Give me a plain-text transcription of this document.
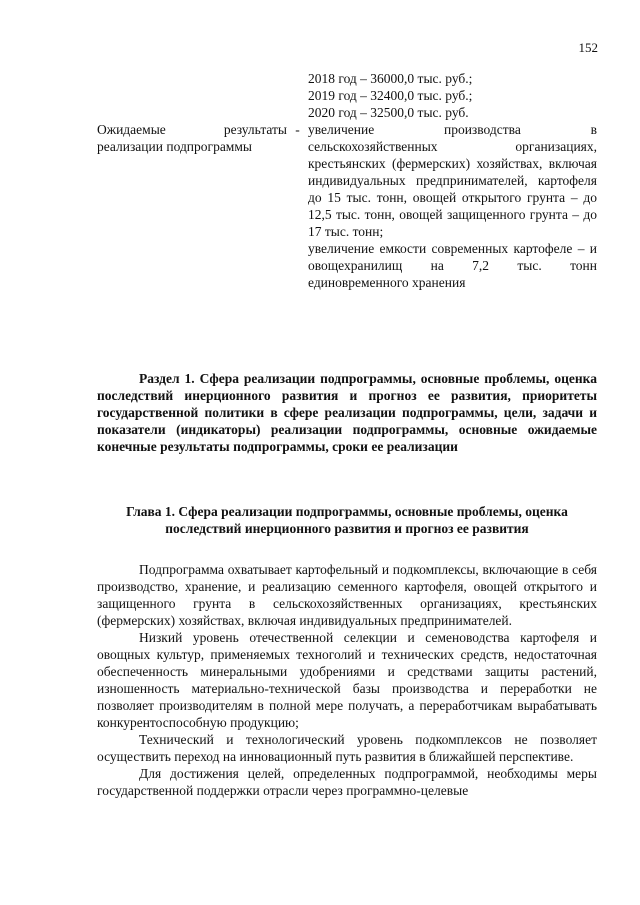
152
2018 год – 36000,0 тыс. руб.;
2019 год – 32400,0 тыс. руб.;
2020 год – 32500,0 тыс. руб.
Ожидаемые результаты реализации подпрограммы
- увеличение производства в сельскохозяйственных организациях, крестьянских (фермерских) хозяйствах, включая индивидуальных предпринимателей, картофеля до 15 тыс. тонн, овощей открытого грунта – до 12,5 тыс. тонн, овощей защищенного грунта – до 17 тыс. тонн;

увеличение емкости современных картофеле – и овощехранилищ на 7,2 тыс. тонн единовременного хранения

Раздел 1. Сфера реализации подпрограммы, основные проблемы, оценка последствий инерционного развития и прогноз ее развития, приоритеты государственной политики в сфере реализации подпрограммы, цели, задачи и показатели (индикаторы) реализации подпрограммы, основные ожидаемые конечные результаты подпрограммы, сроки ее реализации
Глава 1. Сфера реализации подпрограммы, основные проблемы, оценка последствий инерционного развития и прогноз ее развития

Подпрограмма охватывает картофельный и подкомплексы, включающие в себя производство, хранение, и реализацию семенного картофеля, овощей открытого и защищенного грунта в сельскохозяйственных организациях, крестьянских (фермерских) хозяйствах, включая индивидуальных предпринимателей.

Низкий уровень отечественной селекции и семеноводства картофеля и овощных культур, применяемых техноголий и технических средств, недостаточная обеспеченность минеральными удобрениями и средствами защиты растений, изношенность материально-технической базы производства и переработки не позволяет производителям в полной мере получать, а переработчикам вырабатывать конкурентоспособную продукцию;

Технический и технологический уровень подкомплексов не позволяет осуществить переход на инновационный путь развития в ближайшей перспективе.

Для достижения целей, определенных подпрограммой, необходимы меры государственной поддержки отрасли через программно-целевые
